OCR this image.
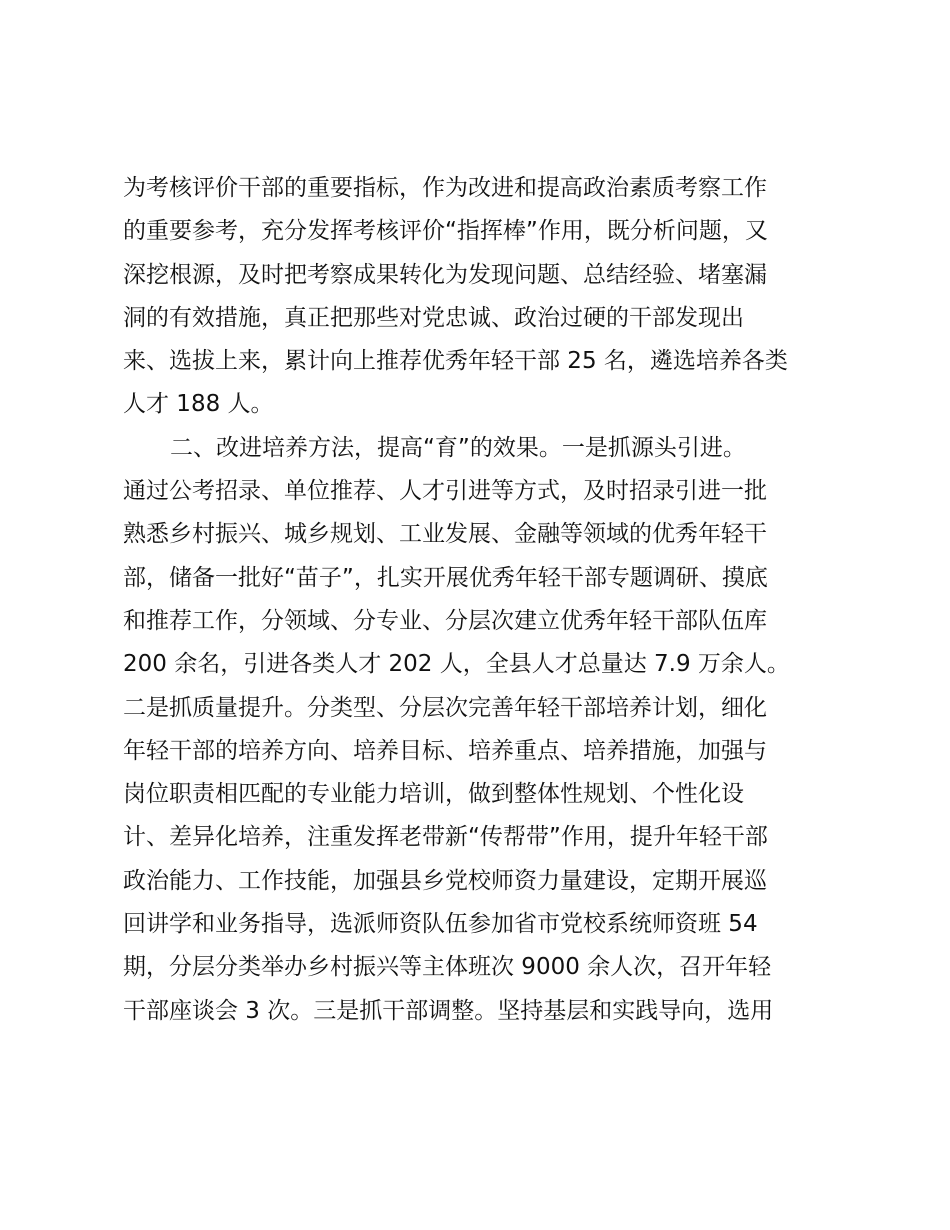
为考核评价干部的重要指标，作为改进和提高政治素质考察工作
的重要参考，充分发挥考核评价“指挥棒”作用，既分析问题，又
深挖根源，及时把考察成果转化为发现问题、总结经验、堵塞漏
洞的有效措施，真正把那些对党忠诚、政治过硬的干部发现出
来、选拔上来，累计向上推荐优秀年轻干部 25 名，遴选培养各类
人才 188 人。
二、改进培养方法，提高“育”的效果。一是抓源头引进。
通过公考招录、单位推荐、人才引进等方式，及时招录引进一批
熟悉乡村振兴、城乡规划、工业发展、金融等领域的优秀年轻干
部，储备一批好“苗子”，扎实开展优秀年轻干部专题调研、摸底
和推荐工作，分领域、分专业、分层次建立优秀年轻干部队伍库
200 余名，引进各类人才 202 人，全县人才总量达 7.9 万余人。
二是抓质量提升。分类型、分层次完善年轻干部培养计划，细化
年轻干部的培养方向、培养目标、培养重点、培养措施，加强与
岗位职责相匹配的专业能力培训，做到整体性规划、个性化设
计、差异化培养，注重发挥老带新“传帮带”作用，提升年轻干部
政治能力、工作技能，加强县乡党校师资力量建设，定期开展巡
回讲学和业务指导，选派师资队伍参加省市党校系统师资班 54
期，分层分类举办乡村振兴等主体班次 9000 余人次，召开年轻
干部座谈会 3 次。三是抓干部调整。坚持基层和实践导向，选用
